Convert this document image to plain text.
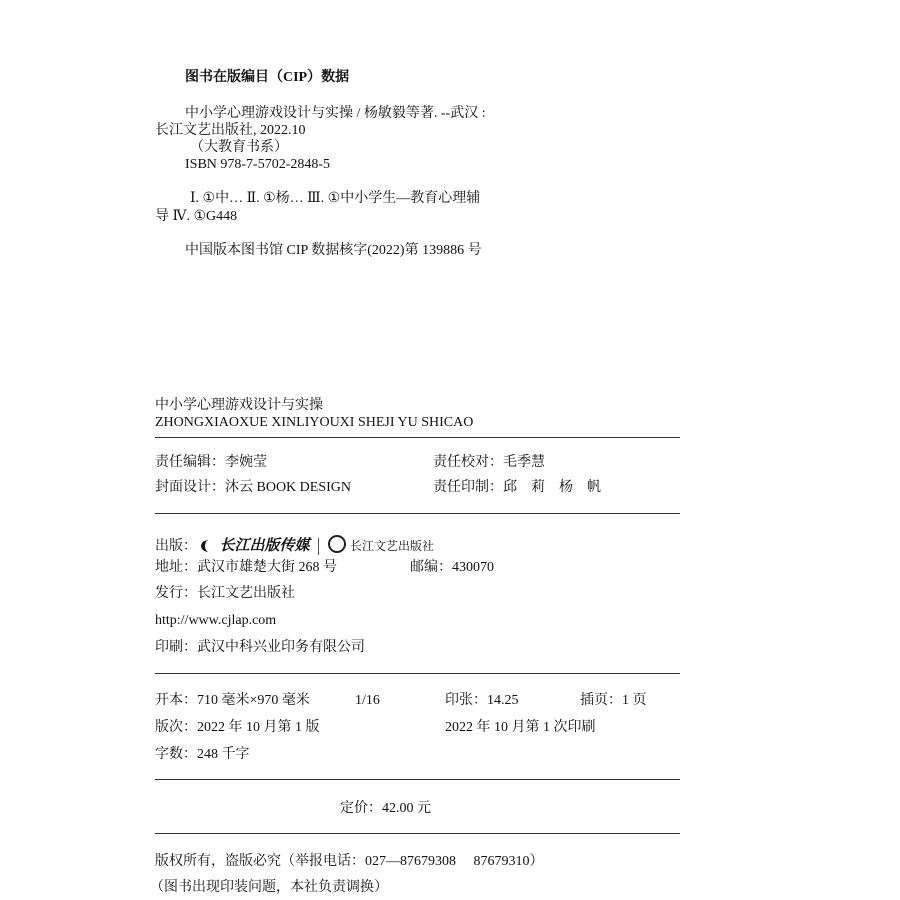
图书在版编目（CIP）数据
中小学心理游戏设计与实操 / 杨敏毅等著. --武汉 :
长江文艺出版社, 2022.10
（大教育书系）
ISBN 978-7-5702-2848-5
Ⅰ. ①中… Ⅱ. ①杨… Ⅲ. ①中小学生—教育心理辅
导 Ⅳ. ①G448
中国版本图书馆 CIP 数据核字(2022)第 139886 号
中小学心理游戏设计与实操
ZHONGXIAOXUE XINLIYOUXI SHEJI YU SHICAO
责任编辑：李婉莹	责任校对：毛季慧
封面设计：沐云 BOOK DESIGN	责任印制：邱　莉　杨　帆
出版： 长江出版传媒	长江文艺出版社
地址：武汉市雄楚大街 268 号	邮编：430070
发行：长江文艺出版社
http://www.cjlap.com
印刷：武汉中科兴业印务有限公司
开本：710 毫米×970 毫米	1/16	印张：14.25	插页：1 页
版次：2022 年 10 月第 1 版	2022 年 10 月第 1 次印刷
字数：248 千字
定价：42.00 元
版权所有，盗版必究（举报电话：027—87679308　 87679310）
（图书出现印装问题，本社负责调换）
